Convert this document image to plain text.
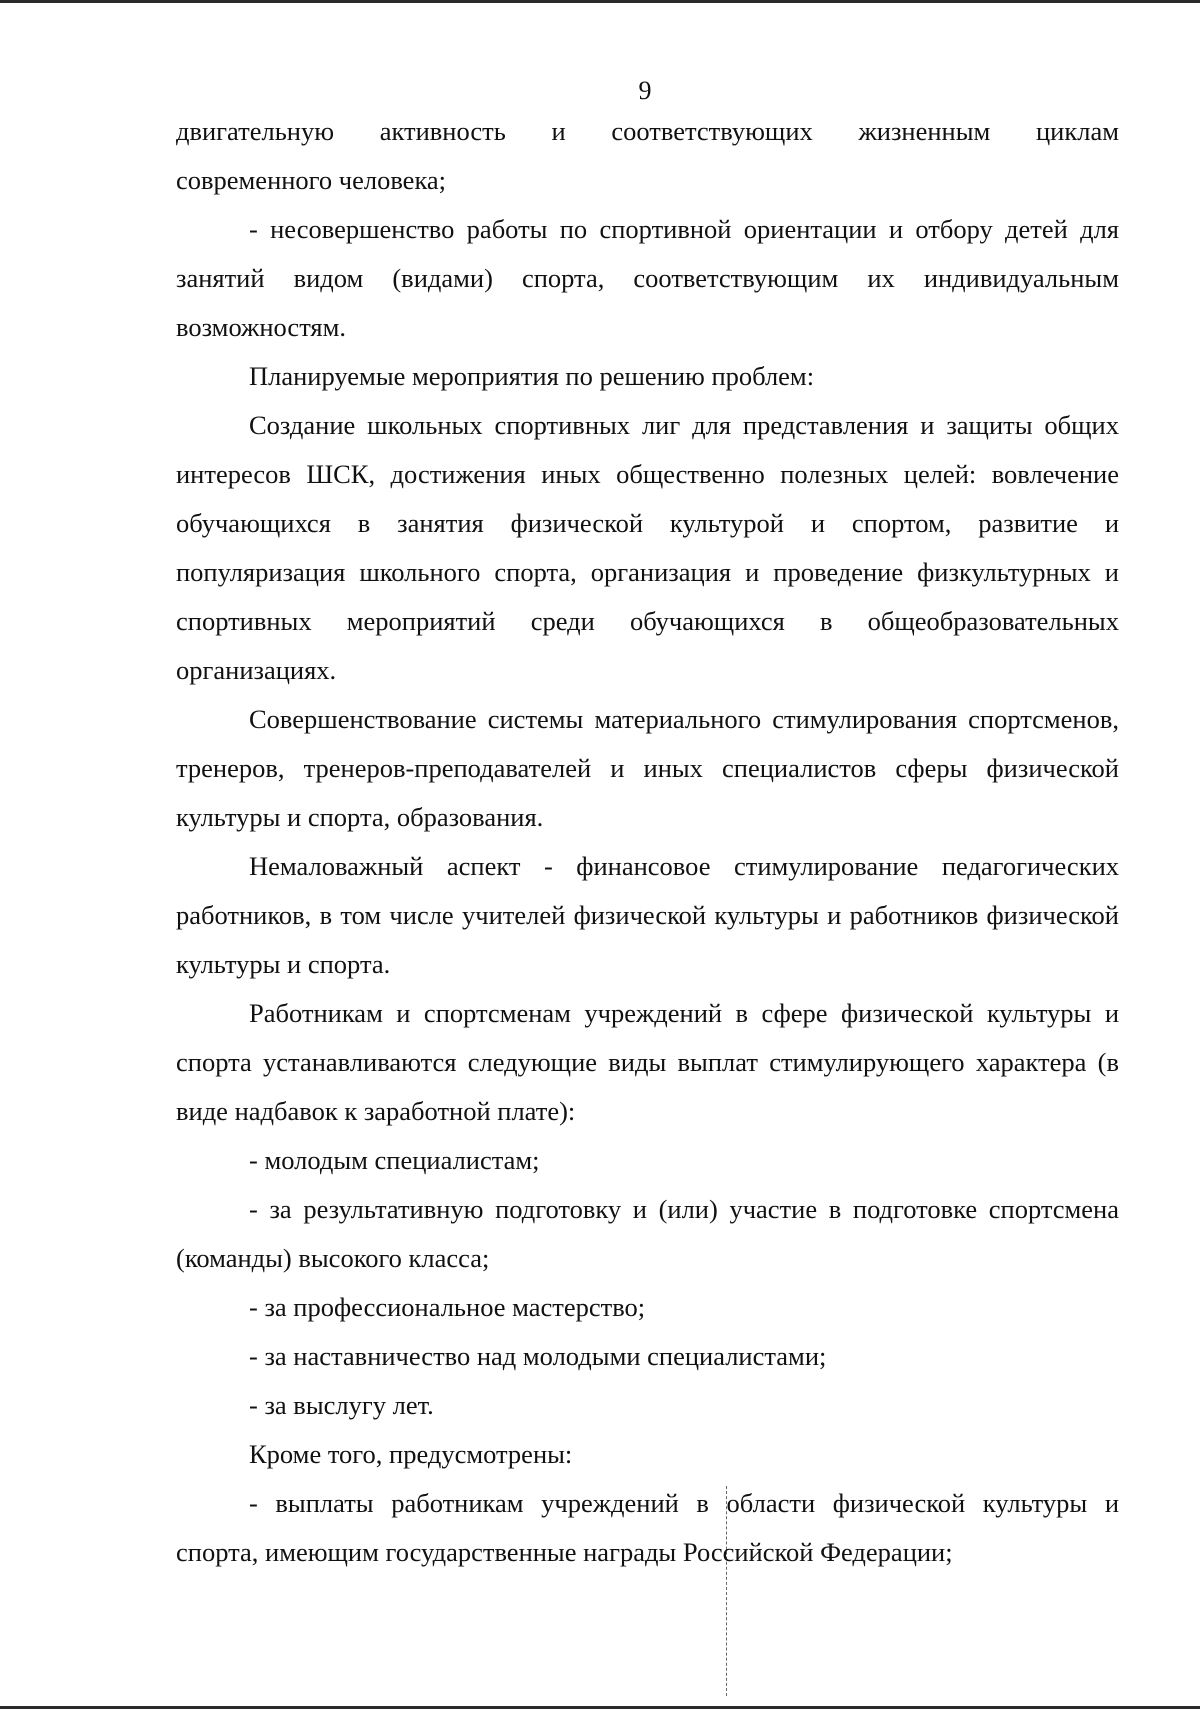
9

двигательную активность и соответствующих жизненным циклам

современного человека;

- несовершенство работы по спортивной ориентации и отбору детей для занятий видом (видами) спорта, соответствующим их индивидуальным возможностям.

Планируемые мероприятия по решению проблем:

Создание школьных спортивных лиг для представления и защиты общих интересов ШСК, достижения иных общественно полезных целей: вовлечение обучающихся в занятия физической культурой и спортом, развитие и популяризация школьного спорта, организация и проведение физкультурных и спортивных мероприятий среди обучающихся в общеобразовательных организациях.

Совершенствование системы материального стимулирования спортсменов, тренеров, тренеров-преподавателей и иных специалистов сферы физической культуры и спорта, образования.

Немаловажный аспект - финансовое стимулирование педагогических работников, в том числе учителей физической культуры и работников физической культуры и спорта.

Работникам и спортсменам учреждений в сфере физической культуры и спорта устанавливаются следующие виды выплат стимулирующего характера (в виде надбавок к заработной плате):

- молодым специалистам;

- за результативную подготовку и (или) участие в подготовке спортсмена (команды) высокого класса;

- за профессиональное мастерство;

- за наставничество над молодыми специалистами;

- за выслугу лет.

Кроме того, предусмотрены:

- выплаты работникам учреждений в области физической культуры и спорта, имеющим государственные награды Российской Федерации;
